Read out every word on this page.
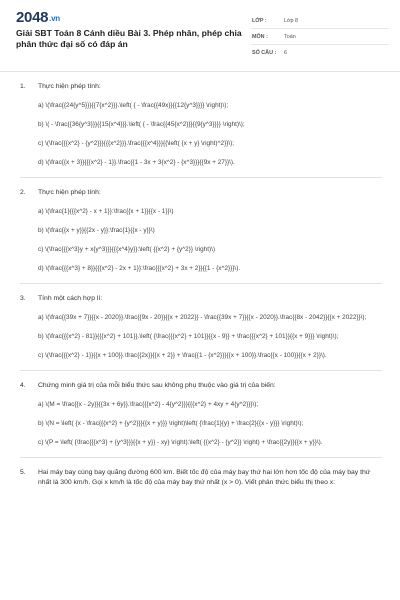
2048.vn
Giải SBT Toán 8 Cánh diều Bài 3. Phép nhân, phép chia phân thức đại số có đáp án
LỚP :	Lớp 8
MÔN :	Toán
SỐ CÂU :	6
1.	Thực hiện phép tính:
a) \(\frac{{24{y^5}}}{{7{x^2}}}.\left( { - \frac{{49x}}{{12{y^3}}}} \right)\);
b) \( - \frac{{36{y^3}}}{{15{x^4}}}.\left( { - \frac{{45{x^2}}}{{9{y^3}}}} \right)\);
c) \(\frac{{{x^2} - {y^2}}}{{{x^2}}}.\frac{{{x^4}}}{{\left( {x + y} \right)^2}}\);
d) \(\frac{{x + 3}}{{{x^2} - 1}}.\frac{{1 - 3x + 3{x^2} - {x^3}}}{{9x + 27}}\).
2.	Thực hiện phép tính:
a) \(\frac{1}{{{x^2} - x + 1}}:\frac{{x + 1}}{{x - 1}}\)
b) \(\frac{{x + y}}{{2x - y}}:\frac{1}{{x - y}}\)
c) \(\frac{{{x^3}y + x{y^3}}}{{{x^4}y}}:\left( {{x^2} + {y^2}} \right)\)
d) \(\frac{{{x^3} + 8}}{{{x^2} - 2x + 1}}:\frac{{{x^2} + 3x + 2}}{{1 - {x^2}}}\).
3.	Tính một cách hợp lí:
a) \(\frac{{39x + 7}}{{x - 2020}}.\frac{{9x - 20}}{{x + 2022}} - \frac{{39x + 7}}{{x - 2020}}.\frac{{8x - 2042}}{{x + 2022}}\);
b) \(\frac{{{x^2} - 81}}{{{x^2} + 101}}.\left( {\frac{{{x^2} + 101}}{{x - 9}} + \frac{{{x^2} + 101}}{{x + 9}}} \right)\);
c) \(\frac{{{x^2} - 1}}{{x + 100}}.\frac{{2x}}{{x + 2}} + \frac{{1 - {x^2}}}{{x + 100}}.\frac{{x - 100}}{{x + 2}}\).
4.	Chứng minh giá trị của mỗi biểu thức sau không phụ thuộc vào giá trị của biến:
a) \(M = \frac{{x - 2y}}{{3x + 6y}}.\frac{{{x^2} - 4{y^2}}}{{{x^2} + 4xy + 4{y^2}}}\);
b) \(N = \left( {x - \frac{{{x^2} + {y^2}}}{{x + y}}} \right)\left( {\frac{1}{y} + \frac{2}{{x - y}}} \right)\);
c) \(P = \left( {\frac{{{x^3} + {y^3}}}{{x + y}} - xy} \right):\left( {{x^2} - {y^2}} \right) + \frac{{2y}}{{x + y}}\).
5.	Hai máy bay cùng bay quãng đường 600 km. Biết tốc độ của máy bay thứ hai lớn hơn tốc độ của máy bay thứ nhất là 300 km/h. Gọi x km/h là tốc độ của máy bay thứ nhất (x > 0). Viết phân thức biểu thị theo x:
